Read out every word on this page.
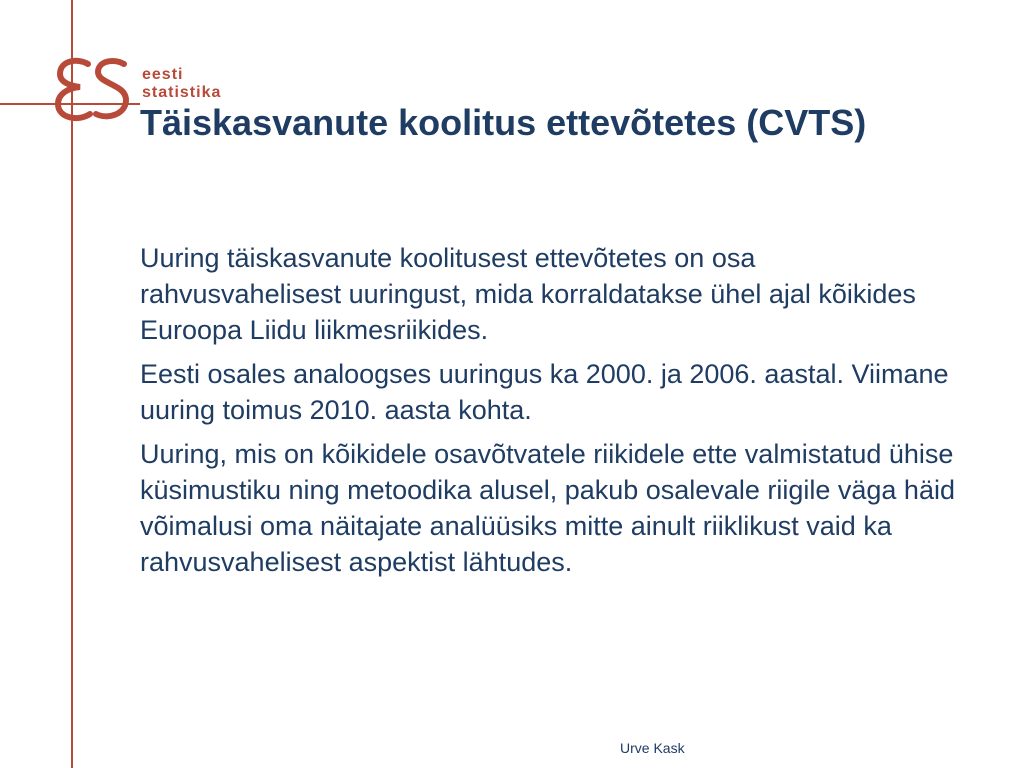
eesti
statistika
Täiskasvanute koolitus ettevõtetes (CVTS)

Uuring täiskasvanute koolitusest ettevõtetes on osa rahvusvahelisest uuringust, mida korraldatakse ühel ajal kõikides Euroopa Liidu liikmesriikides.

Eesti osales analoogses uuringus ka 2000. ja 2006. aastal. Viimane uuring toimus 2010. aasta kohta.

Uuring, mis on kõikidele osavõtvatele riikidele ette valmistatud ühise küsimustiku ning metoodika alusel, pakub osalevale riigile väga häid võimalusi oma näitajate analüüsiks mitte ainult riiklikust vaid ka rahvusvahelisest aspektist lähtudes.

Urve Kask
